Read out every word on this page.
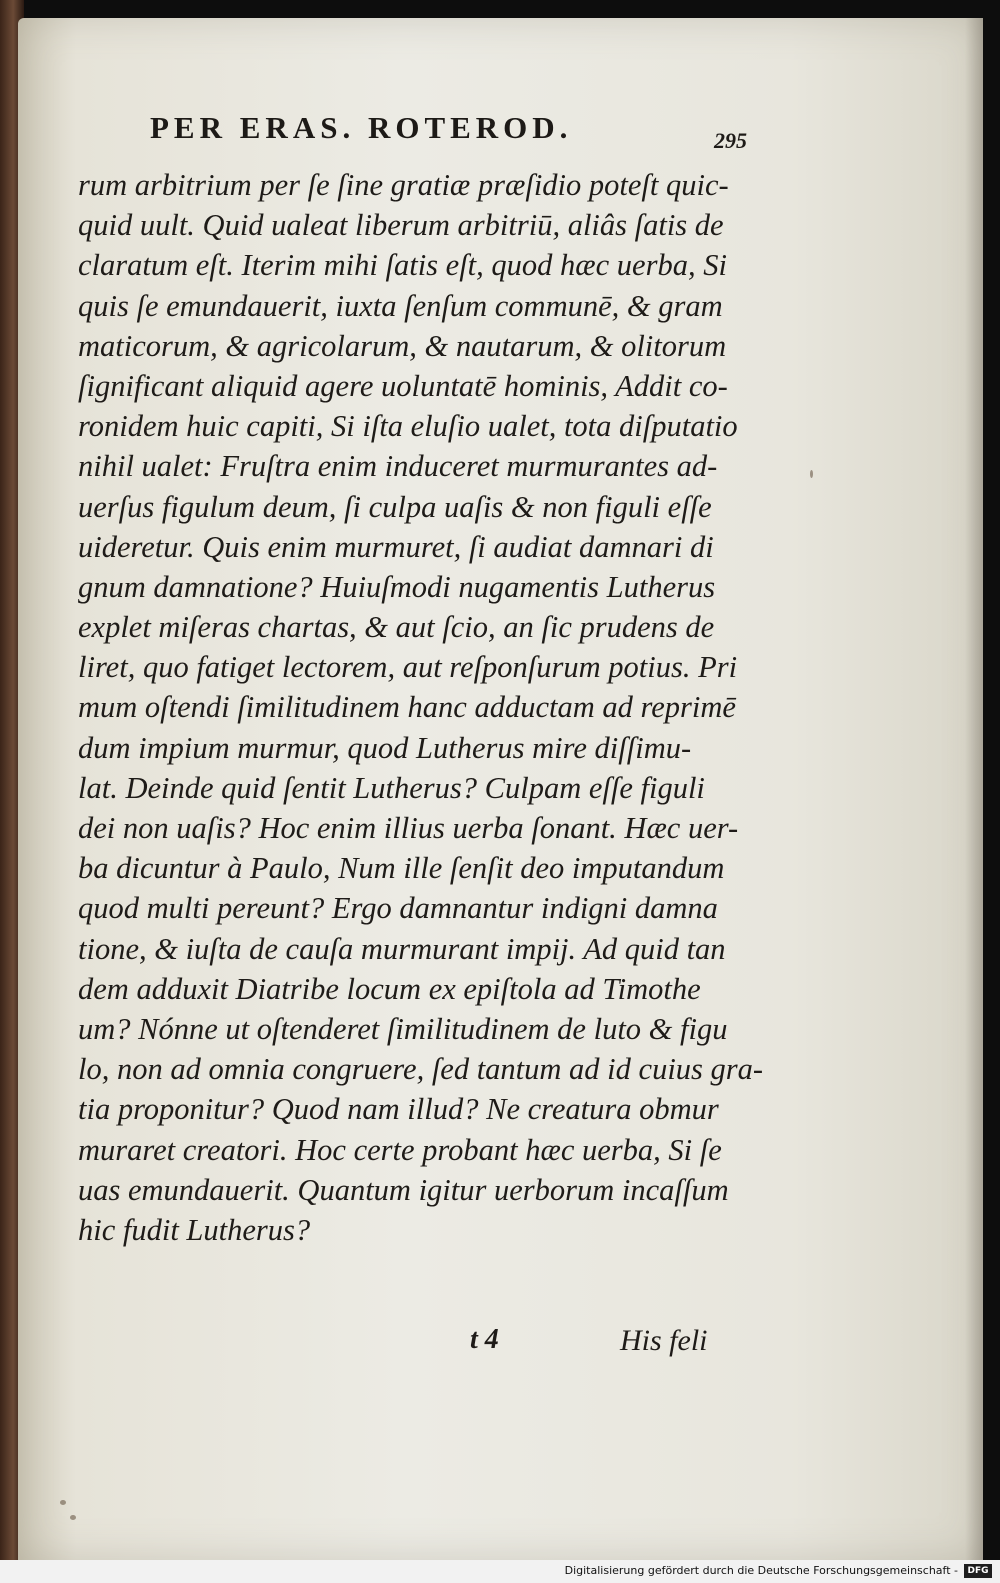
PER ERAS. ROTEROD.	295
rum arbitrium per ſe ſine gratiæ præſidio poteſt quic-
quid uult. Quid ualeat liberum arbitriū, aliâs ſatis de
claratum eſt. Iterim mihi ſatis eſt, quod hæc uerba, Si
quis ſe emundauerit, iuxta ſenſum communē, & gram
maticorum, & agricolarum, & nautarum, & olitorum
ſignificant aliquid agere uoluntatē hominis, Addit co-
ronidem huic capiti, Si iſta eluſio ualet, tota diſputatio
nihil ualet: Fruſtra enim induceret murmurantes ad-
uerſus figulum deum, ſi culpa uaſis & non figuli eſſe
uideretur. Quis enim murmuret, ſi audiat damnari di
gnum damnatione? Huiuſmodi nugamentis Lutherus
explet miſeras chartas, & aut ſcio, an ſic prudens de
liret, quo fatiget lectorem, aut reſponſurum potius. Pri
mum oſtendi ſimilitudinem hanc adductam ad reprimē
dum impium murmur, quod Lutherus mire diſſimu-
lat. Deinde quid ſentit Lutherus? Culpam eſſe figuli
dei non uaſis? Hoc enim illius uerba ſonant. Hæc uer-
ba dicuntur à Paulo, Num ille ſenſit deo imputandum
quod multi pereunt? Ergo damnantur indigni damna
tione, & iuſta de cauſa murmurant impij. Ad quid tan
dem adduxit Diatribe locum ex epiſtola ad Timothe
um? Nónne ut oſtenderet ſimilitudinem de luto & figu
lo, non ad omnia congruere, ſed tantum ad id cuius gra-
tia proponitur? Quod nam illud? Ne creatura obmur
muraret creatori. Hoc certe probant hæc uerba, Si ſe
uas emundauerit. Quantum igitur uerborum incaſſum
hic fudit Lutherus?
t 4	His feli
Digitalisierung gefördert durch die Deutsche Forschungsgemeinschaft -	DFG
